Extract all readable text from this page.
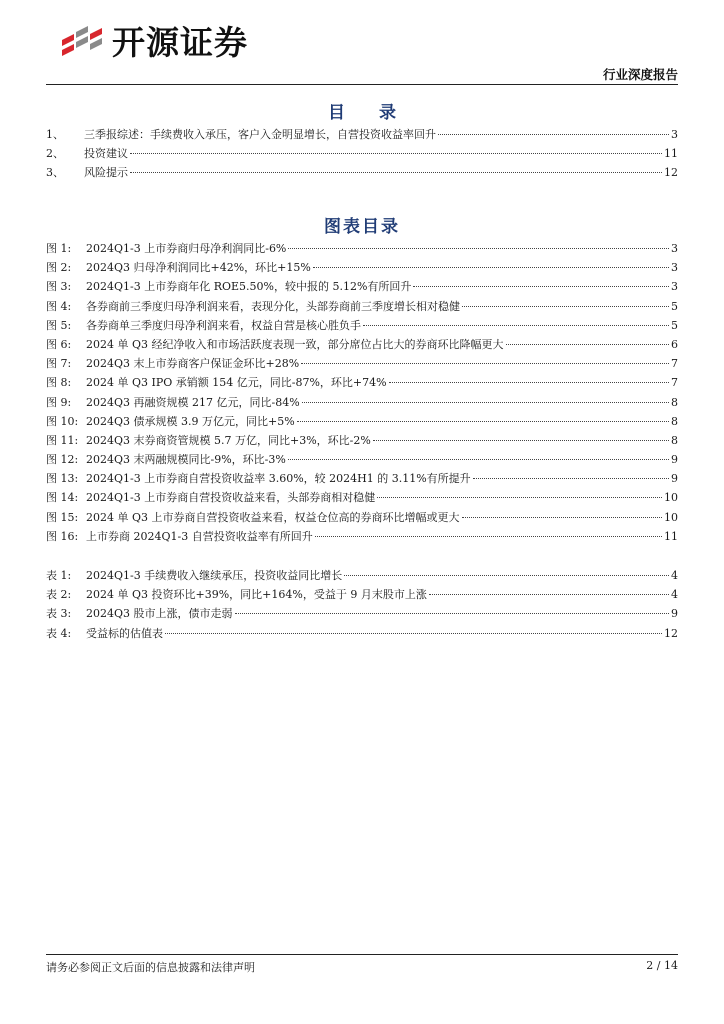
开源证券
行业深度报告
目 录
1、	三季报综述：手续费收入承压，客户入金明显增长，自营投资收益率回升	3
2、	投资建议	11
3、	风险提示	12
图表目录
图 1:	2024Q1-3 上市券商归母净利润同比-6%	3
图 2:	2024Q3 归母净利润同比+42%，环比+15%	3
图 3:	2024Q1-3 上市券商年化 ROE5.50%，较中报的 5.12%有所回升	3
图 4:	各券商前三季度归母净利润来看，表现分化，头部券商前三季度增长相对稳健	5
图 5:	各券商单三季度归母净利润来看，权益自营是核心胜负手	5
图 6:	2024 单 Q3 经纪净收入和市场活跃度表现一致，部分席位占比大的券商环比降幅更大	6
图 7:	2024Q3 末上市券商客户保证金环比+28%	7
图 8:	2024 单 Q3 IPO 承销额 154 亿元，同比-87%，环比+74%	7
图 9:	2024Q3 再融资规模 217 亿元，同比-84%	8
图 10: 2024Q3 债承规模 3.9 万亿元，同比+5%	8
图 11: 2024Q3 末券商资管规模 5.7 万亿，同比+3%，环比-2%	8
图 12: 2024Q3 末两融规模同比-9%，环比-3%	9
图 13: 2024Q1-3 上市券商自营投资收益率 3.60%，较 2024H1 的 3.11%有所提升	9
图 14: 2024Q1-3 上市券商自营投资收益来看，头部券商相对稳健	10
图 15: 2024 单 Q3 上市券商自营投资收益来看，权益仓位高的券商环比增幅或更大	10
图 16: 上市券商 2024Q1-3 自营投资收益率有所回升	11
表 1:	2024Q1-3 手续费收入继续承压，投资收益同比增长	4
表 2:	2024 单 Q3 投资环比+39%，同比+164%，受益于 9 月末股市上涨	4
表 3:	2024Q3 股市上涨，债市走弱	9
表 4:	受益标的估值表	12
请务必参阅正文后面的信息披露和法律声明	2 / 14
